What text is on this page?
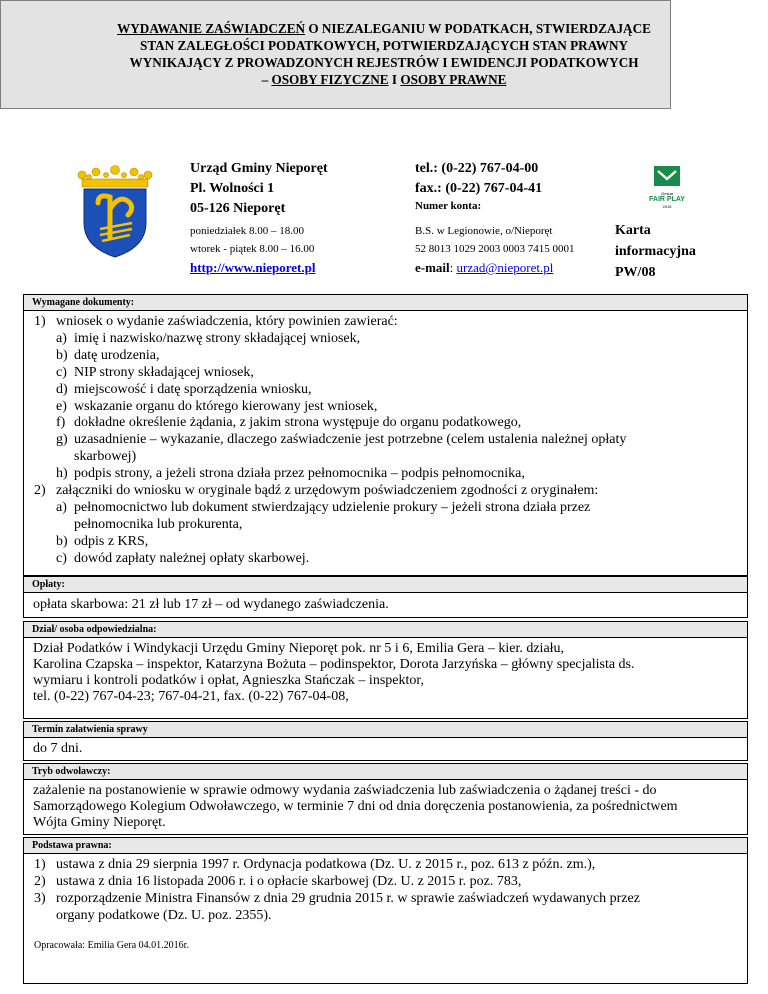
WYDAWANIE ZAŚWIADCZEŃ O NIEZALEGANIU W PODATKACH, STWIERDZAJĄCE
STAN ZALEGŁOŚCI PODATKOWYCH, POTWIERDZAJĄCYCH STAN PRAWNY
WYNIKAJĄCY Z PROWADZONYCH REJESTRÓW I EWIDENCJI PODATKOWYCH
– OSOBY FIZYCZNE I OSOBY PRAWNE
Urząd Gminy Nieporęt
Pl. Wolności 1
05-126 Nieporęt
poniedziałek 8.00 – 18.00
wtorek - piątek 8.00 – 16.00
http://www.nieporet.pl
tel.: (0-22) 767-04-00
fax.: (0-22) 767-04-41
Numer konta:
B.S. w Legionowie, o/Nieporęt
52 8013 1029 2003 0003 7415 0001
e-mail: urzad@nieporet.pl
Gmina
FAIR PLAY
2015
Karta
informacyjna
PW/08
Wymagane dokumenty:
1) wniosek o wydanie zaświadczenia, który powinien zawierać:
a) imię i nazwisko/nazwę strony składającej wniosek,
b) datę urodzenia,
c) NIP strony składającej wniosek,
d) miejscowość i datę sporządzenia wniosku,
e) wskazanie organu do którego kierowany jest wniosek,
f) dokładne określenie żądania, z jakim strona występuje do organu podatkowego,
g) uzasadnienie – wykazanie, dlaczego zaświadczenie jest potrzebne (celem ustalenia należnej opłaty
skarbowej)
h) podpis strony, a jeżeli strona działa przez pełnomocnika – podpis pełnomocnika,
2) załączniki do wniosku w oryginale bądź z urzędowym poświadczeniem zgodności z oryginałem:
a) pełnomocnictwo lub dokument stwierdzający udzielenie prokury – jeżeli strona działa przez
pełnomocnika lub prokurenta,
b) odpis z KRS,
c) dowód zapłaty należnej opłaty skarbowej.
Opłaty:
opłata skarbowa: 21 zł lub 17 zł – od wydanego zaświadczenia.
Dział/ osoba odpowiedzialna:
Dział Podatków i Windykacji Urzędu Gminy Nieporęt pok. nr 5 i 6, Emilia Gera – kier. działu,
Karolina Czapska – inspektor, Katarzyna Bożuta – podinspektor, Dorota Jarzyńska – główny specjalista ds.
wymiaru i kontroli podatków i opłat, Agnieszka Stańczak – inspektor,
tel. (0-22) 767-04-23; 767-04-21, fax. (0-22) 767-04-08,
Termin załatwienia sprawy
do 7 dni.
Tryb odwoławczy:
zażalenie na postanowienie w sprawie odmowy wydania zaświadczenia lub zaświadczenia o żądanej treści - do
Samorządowego Kolegium Odwoławczego, w terminie 7 dni od dnia doręczenia postanowienia, za pośrednictwem
Wójta Gminy Nieporęt.
Podstawa prawna:
1) ustawa z dnia 29 sierpnia 1997 r. Ordynacja podatkowa (Dz. U. z 2015 r., poz. 613 z późn. zm.),
2) ustawa z dnia 16 listopada 2006 r. i o opłacie skarbowej (Dz. U. z 2015 r. poz. 783,
3) rozporządzenie Ministra Finansów z dnia 29 grudnia 2015 r. w sprawie zaświadczeń wydawanych przez
organy podatkowe (Dz. U. poz. 2355).
Opracowała: Emilia Gera 04.01.2016r.
